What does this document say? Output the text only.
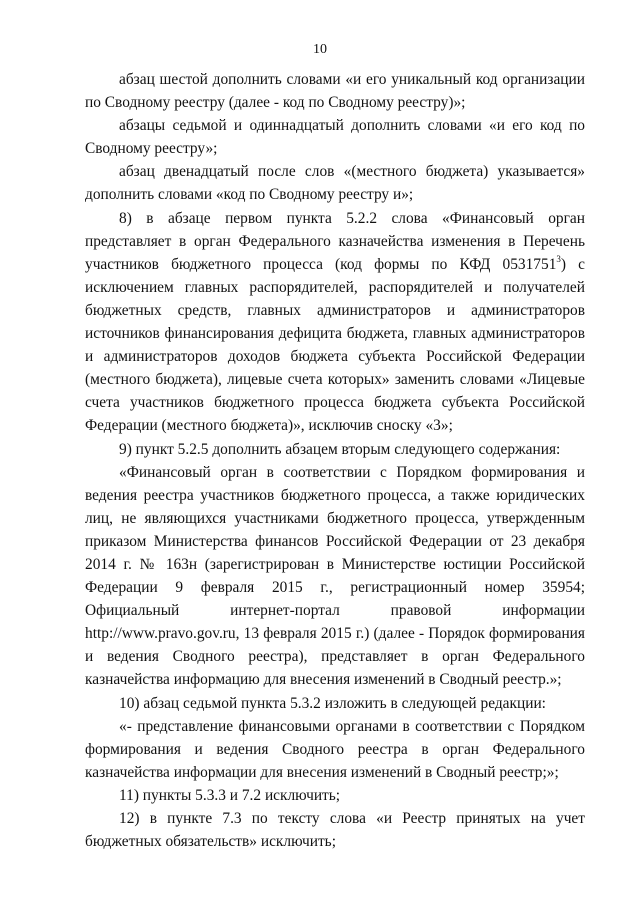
10

абзац шестой дополнить словами «и его уникальный код организации по Сводному реестру (далее - код по Сводному реестру)»;

абзацы седьмой и одиннадцатый дополнить словами «и его код по Сводному реестру»;

абзац двенадцатый после слов «(местного бюджета) указывается» дополнить словами «код по Сводному реестру и»;

8) в абзаце первом пункта 5.2.2 слова «Финансовый орган представляет в орган Федерального казначейства изменения в Перечень участников бюджетного процесса (код формы по КФД 0531751$^3$) с исключением главных распорядителей, распорядителей и получателей бюджетных средств, главных администраторов и администраторов источников финансирования дефицита бюджета, главных администраторов и администраторов доходов бюджета субъекта Российской Федерации (местного бюджета), лицевые счета которых» заменить словами «Лицевые счета участников бюджетного процесса бюджета субъекта Российской Федерации (местного бюджета)», исключив сноску «3»;

9) пункт 5.2.5 дополнить абзацем вторым следующего содержания:

«Финансовый орган в соответствии с Порядком формирования и ведения реестра участников бюджетного процесса, а также юридических лиц, не являющихся участниками бюджетного процесса, утвержденным приказом Министерства финансов Российской Федерации от 23 декабря 2014 г. № 163н (зарегистрирован в Министерстве юстиции Российской Федерации 9 февраля 2015 г., регистрационный номер 35954; Официальный интернет-портал правовой информации http://www.pravo.gov.ru, 13 февраля 2015 г.) (далее - Порядок формирования и ведения Сводного реестра), представляет в орган Федерального казначейства информацию для внесения изменений в Сводный реестр.»;

10) абзац седьмой пункта 5.3.2 изложить в следующей редакции:

«- представление финансовыми органами в соответствии с Порядком формирования и ведения Сводного реестра в орган Федерального казначейства информации для внесения изменений в Сводный реестр;»;

11) пункты 5.3.3 и 7.2 исключить;

12) в пункте 7.3 по тексту слова «и Реестр принятых на учет бюджетных обязательств» исключить;
